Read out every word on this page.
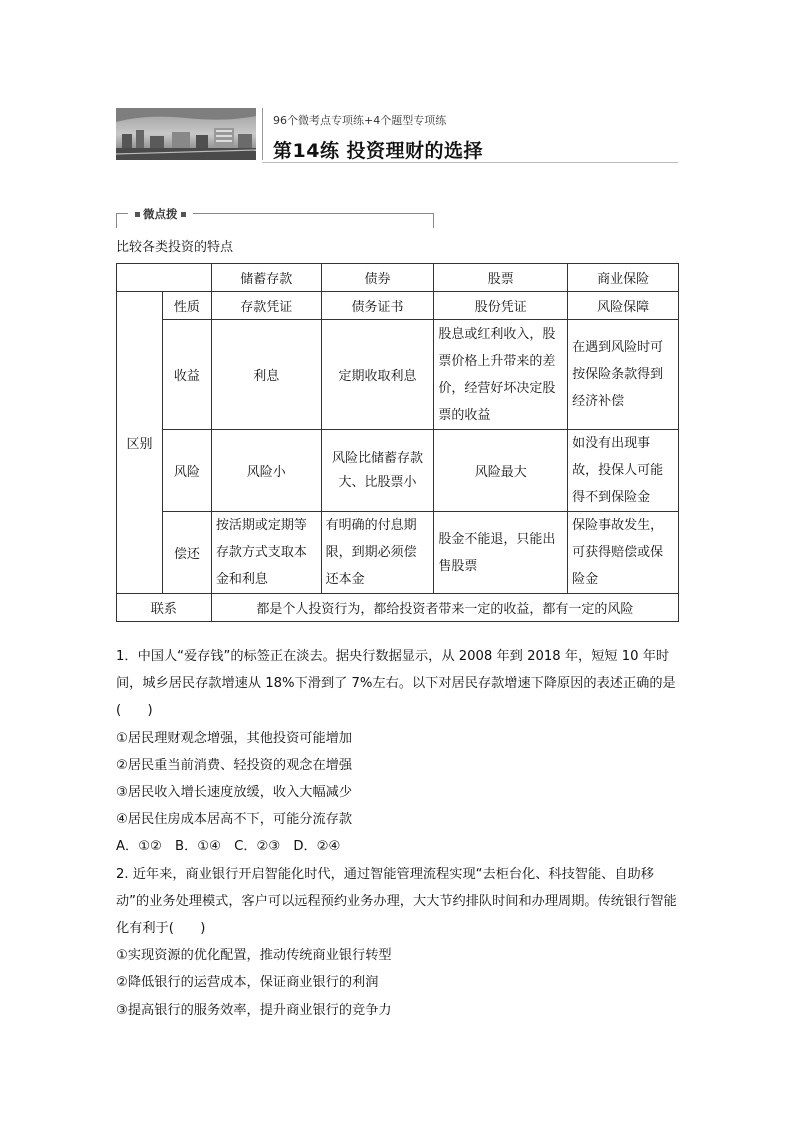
96个微考点专项练+4个题型专项练
第14练 投资理财的选择
微点拨
比较各类投资的特点
		储蓄存款	债券	股票	商业保险
区别	性质	存款凭证	债务证书	股份凭证	风险保障
	收益	利息	定期收取利息	股息或红利收入，股票价格上升带来的差价，经营好坏决定股票的收益	在遇到风险时可按保险条款得到经济补偿
	风险	风险小	风险比储蓄存款大、比股票小	风险最大	如没有出现事故，投保人可能得不到保险金
	偿还	按活期或定期等存款方式支取本金和利息	有明确的付息期限，到期必须偿还本金	股金不能退，只能出售股票	保险事故发生，可获得赔偿或保险金
联系		都是个人投资行为，都给投资者带来一定的收益，都有一定的风险			

1．中国人“爱存钱”的标签正在淡去。据央行数据显示，从 2008 年到 2018 年，短短 10 年时间，城乡居民存款增速从 18%下滑到了 7%左右。以下对居民存款增速下降原因的表述正确的是(　　)

①居民理财观念增强，其他投资可能增加

②居民重当前消费、轻投资的观念在增强

③居民收入增长速度放缓，收入大幅减少

④居民住房成本居高不下，可能分流存款

A．①②　B．①④　C．②③　D．②④

2. 近年来，商业银行开启智能化时代，通过智能管理流程实现“去柜台化、科技智能、自助移动”的业务处理模式，客户可以远程预约业务办理，大大节约排队时间和办理周期。传统银行智能化有利于(　　)

①实现资源的优化配置，推动传统商业银行转型

②降低银行的运营成本，保证商业银行的利润

③提高银行的服务效率，提升商业银行的竞争力
